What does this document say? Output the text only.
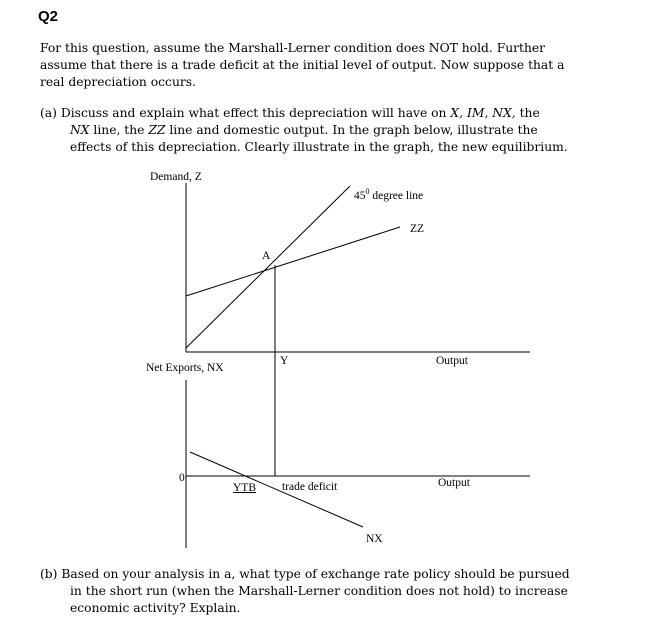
Q2

For this question, assume the Marshall-Lerner condition does NOT hold. Further

assume that there is a trade deficit at the initial level of output. Now suppose that a

real depreciation occurs.

(a) Discuss and explain what effect this depreciation will have on X, IM, NX, the

NX line, the ZZ line and domestic output. In the graph below, illustrate the

effects of this depreciation. Clearly illustrate in the graph, the new equilibrium.

Demand, Z
$45^0$ degree line
ZZ
A
Y	Output
Net Exports, NX
0
YTB trade deficit
NX
Output

(b) Based on your analysis in a, what type of exchange rate policy should be pursued

in the short run (when the Marshall-Lerner condition does not hold) to increase

economic activity? Explain.
